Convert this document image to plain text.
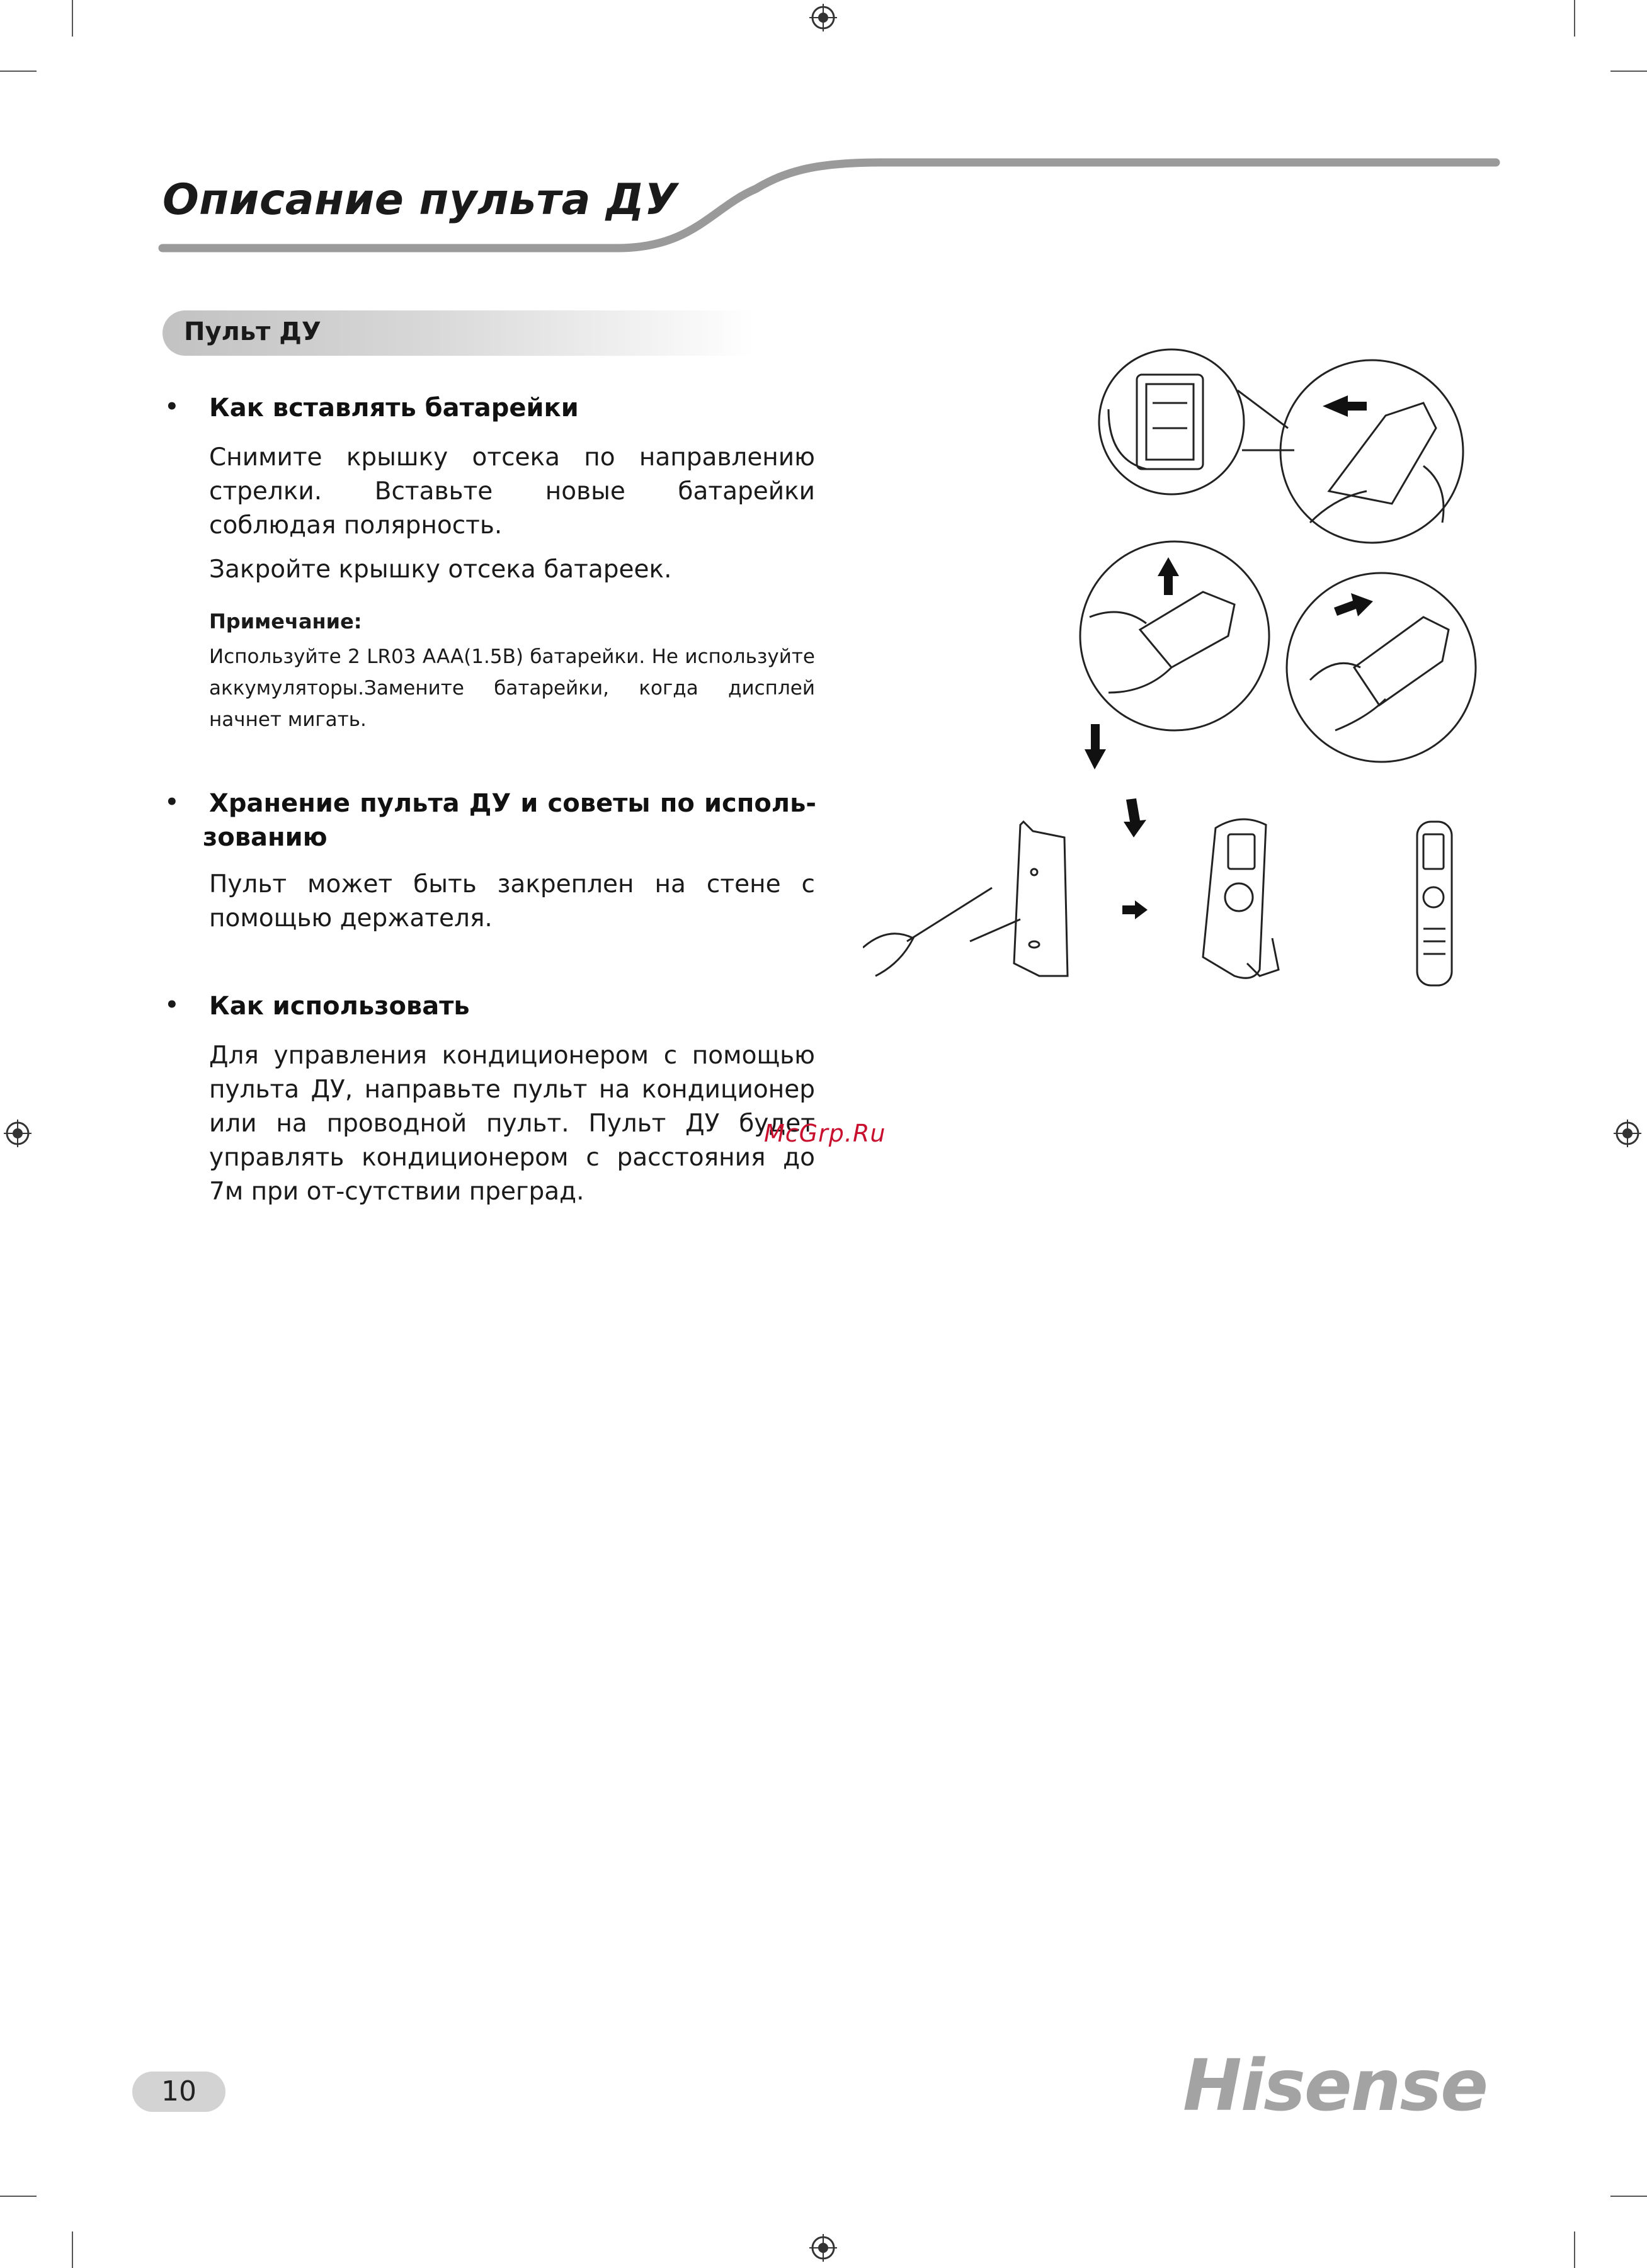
Описание пульта ДУ
Пульт ДУ
• Как вставлять батарейки
Снимите крышку отсека по направлению стрелки. Вставьте новые батарейки соблюдая полярность.
Закройте крышку отсека батареек.
Примечание:
Используйте 2 LR03 AAA(1.5В) батарейки. Не используйте аккумуляторы.Замените батарейки, когда дисплей начнет мигать.
• Хранение пульта ДУ и советы по исполь-зованию
Пульт может быть закреплен на стене с помощью держателя.
• Как использовать
Для управления кондиционером с помощью пульта ДУ, направьте пульт на кондиционер или на проводной пульт. Пульт ДУ будет управлять кондиционером с расстояния до 7м при от-сутствии преград.
McGrp.Ru
10	Hisense
